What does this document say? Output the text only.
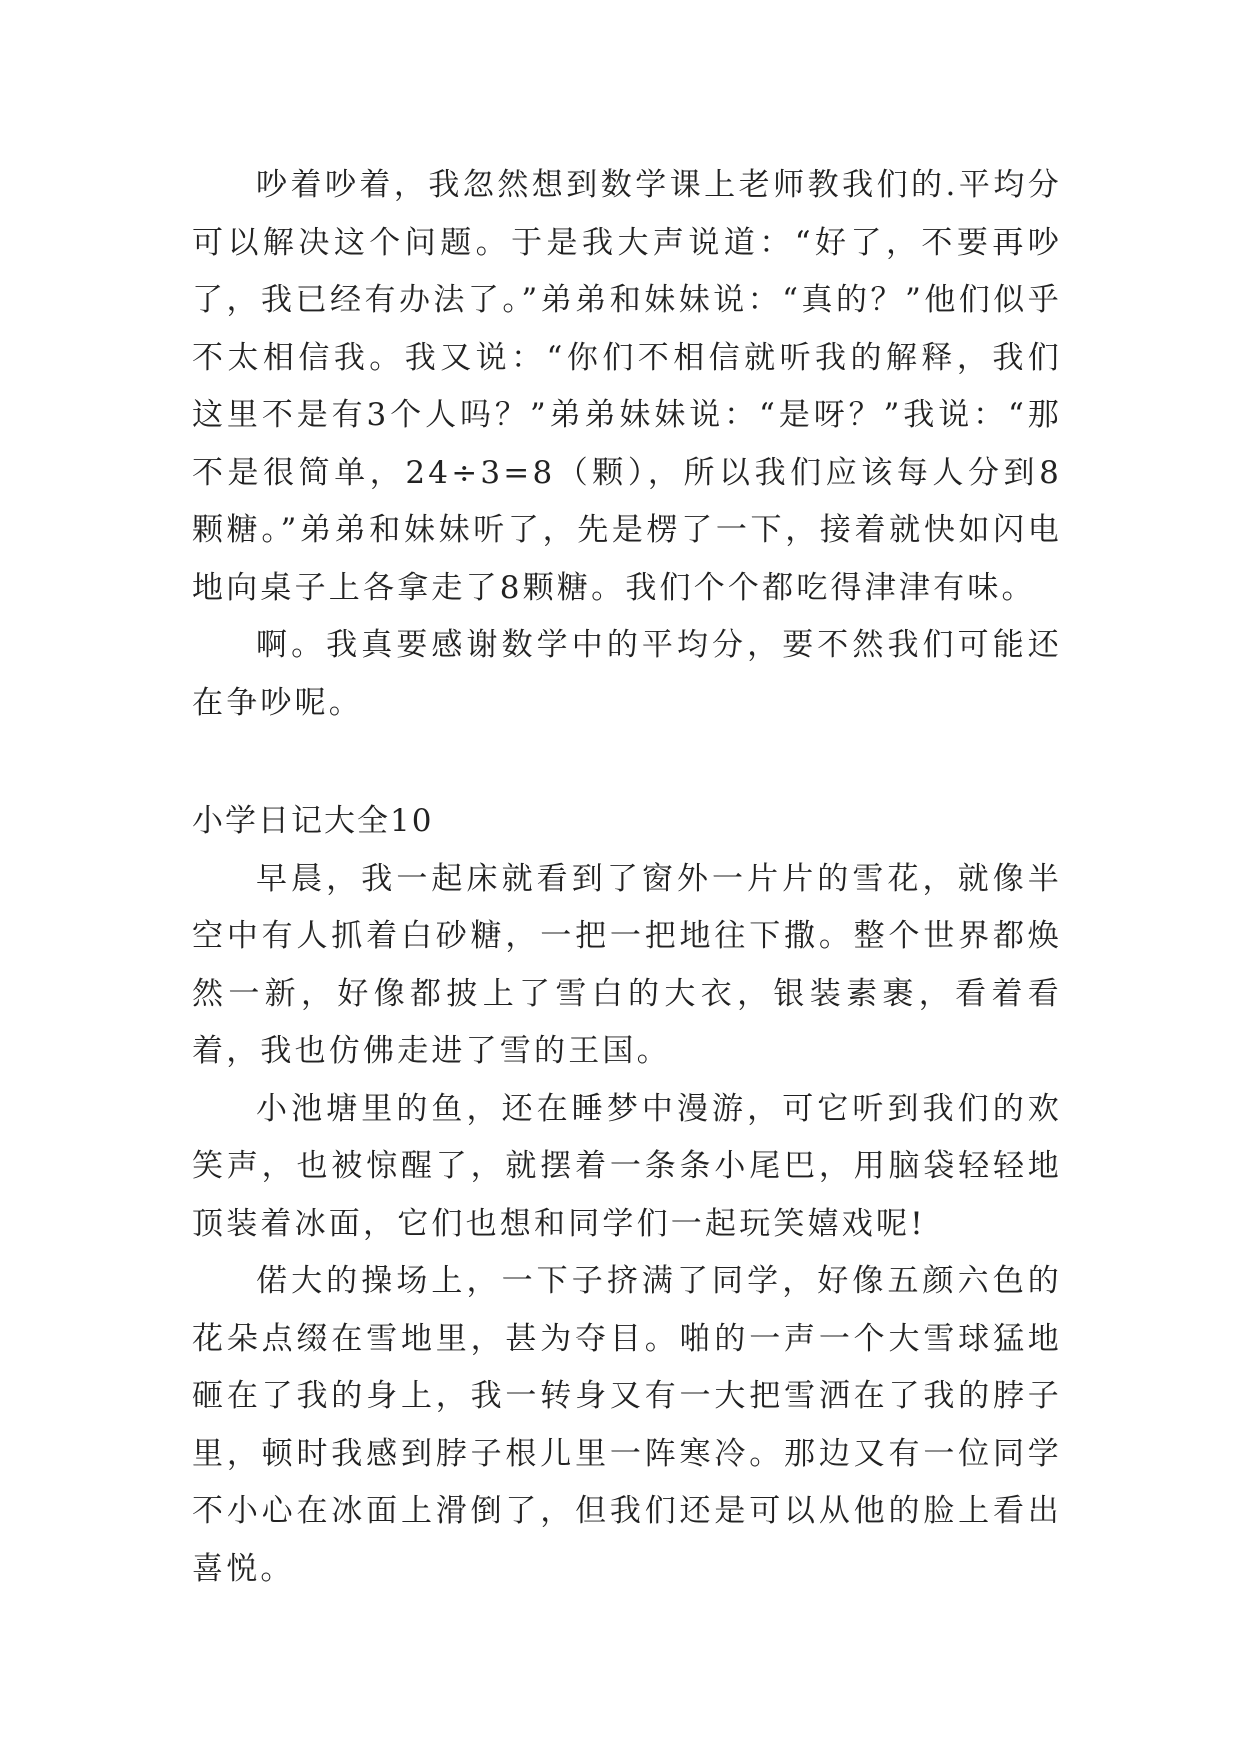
吵着吵着，我忽然想到数学课上老师教我们的.平均分可以解决这个问题。于是我大声说道：“好了，不要再吵了，我已经有办法了。”弟弟和妹妹说：“真的？”他们似乎不太相信我。我又说：“你们不相信就听我的解释，我们这里不是有3个人吗？”弟弟妹妹说：“是呀？”我说：“那不是很简单，24÷3=8（颗），所以我们应该每人分到8颗糖。”弟弟和妹妹听了，先是楞了一下，接着就快如闪电地向桌子上各拿走了8颗糖。我们个个都吃得津津有味。

啊。我真要感谢数学中的平均分，要不然我们可能还在争吵呢。

小学日记大全10

早晨，我一起床就看到了窗外一片片的雪花，就像半空中有人抓着白砂糖，一把一把地往下撒。整个世界都焕然一新，好像都披上了雪白的大衣，银装素裹，看着看着，我也仿佛走进了雪的王国。

小池塘里的鱼，还在睡梦中漫游，可它听到我们的欢笑声，也被惊醒了，就摆着一条条小尾巴，用脑袋轻轻地顶装着冰面，它们也想和同学们一起玩笑嬉戏呢!

偌大的操场上，一下子挤满了同学，好像五颜六色的花朵点缀在雪地里，甚为夺目。啪的一声一个大雪球猛地砸在了我的身上，我一转身又有一大把雪洒在了我的脖子里，顿时我感到脖子根儿里一阵寒冷。那边又有一位同学不小心在冰面上滑倒了，但我们还是可以从他的脸上看出喜悦。
